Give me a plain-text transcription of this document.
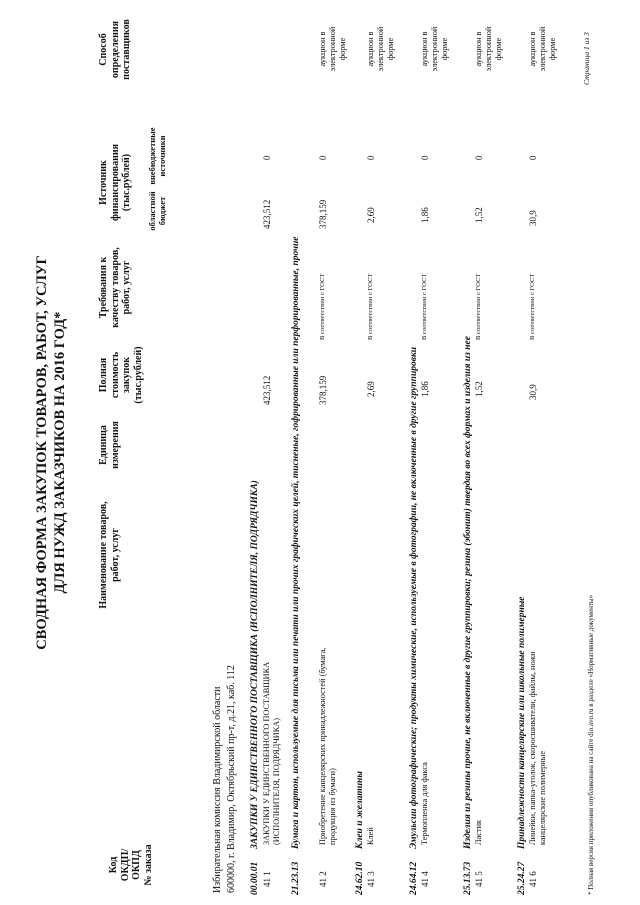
СВОДНАЯ ФОРМА ЗАКУПОК ТОВАРОВ, РАБОТ, УСЛУГ ДЛЯ НУЖД ЗАКАЗЧИКОВ НА 2016 ГОД*
Код ОКДП/ ОКПД № заказа
Наименование товаров, работ, услуг
Единица измерения
Полная стоимость закупок (тыс.рублей)
Требования к качеству товаров, работ, услуг
Источник финансирования (тыс.рублей) областной бюджет
внебюджетные источники
Способ определения поставщиков
Избирательная комиссия Владимирской области 600000, г. Владимир, Октябрьский пр-т, д.21, каб. 112 00.00.01
ЗАКУПКИ У ЕДИНСТВЕННОГО ПОСТАВЩИКА (ИСПОЛНИТЕЛЯ, ПОДРЯДЧИКА)
41 1
ЗАКУПКИ У ЕДИНСТВЕННОГО ПОСТАВЩИКА (ИСПОЛНИТЕЛЯ, ПОДРЯДЧИКА)
423,512
423,512
0
21.23.13
Бумага и картон, используемые для письма или печати или прочих графических целей, тисненые, гофрированные или перфорированные, прочие
41 2
Приобретение канцелярских принадлежностей (бумага, продукция из бумаги)
378,159
В соответствии с ГОСТ
378,159
0
аукцион в электронной форме
24.62.10
Клеи и желатины
41 3
Клей
2,69
В соответствии с ГОСТ
2,69
0
аукцион в электронной форме
24.64.12
Эмульсии фотографические; продукты химические, используемые в фотографии, не включенные в другие группировки
41 4
Термопленка для факса
1,86
В соответствии с ГОСТ
1,86
0
аукцион в электронной форме
25.13.73
Изделия из резины прочие, не включенные в другие группировки; резина (эбонит) твердая во всех формах и изделия из нее
41 5
Ластик
1,52
В соответствии с ГОСТ
1,52
0
аукцион в электронной форме
25.24.27
Принадлежности канцелярские или школьные полимерные
41 6
Линейки, папка-уголок, скоросшиватели, файлы, ножи канцелярские полимерные
30,9
В соответствии с ГОСТ
30,9
0
аукцион в электронной форме
* Полная версия приложения опубликована на сайте dio.avo.ru в разделе «Нормативные документы»
Страница 1 из 3
